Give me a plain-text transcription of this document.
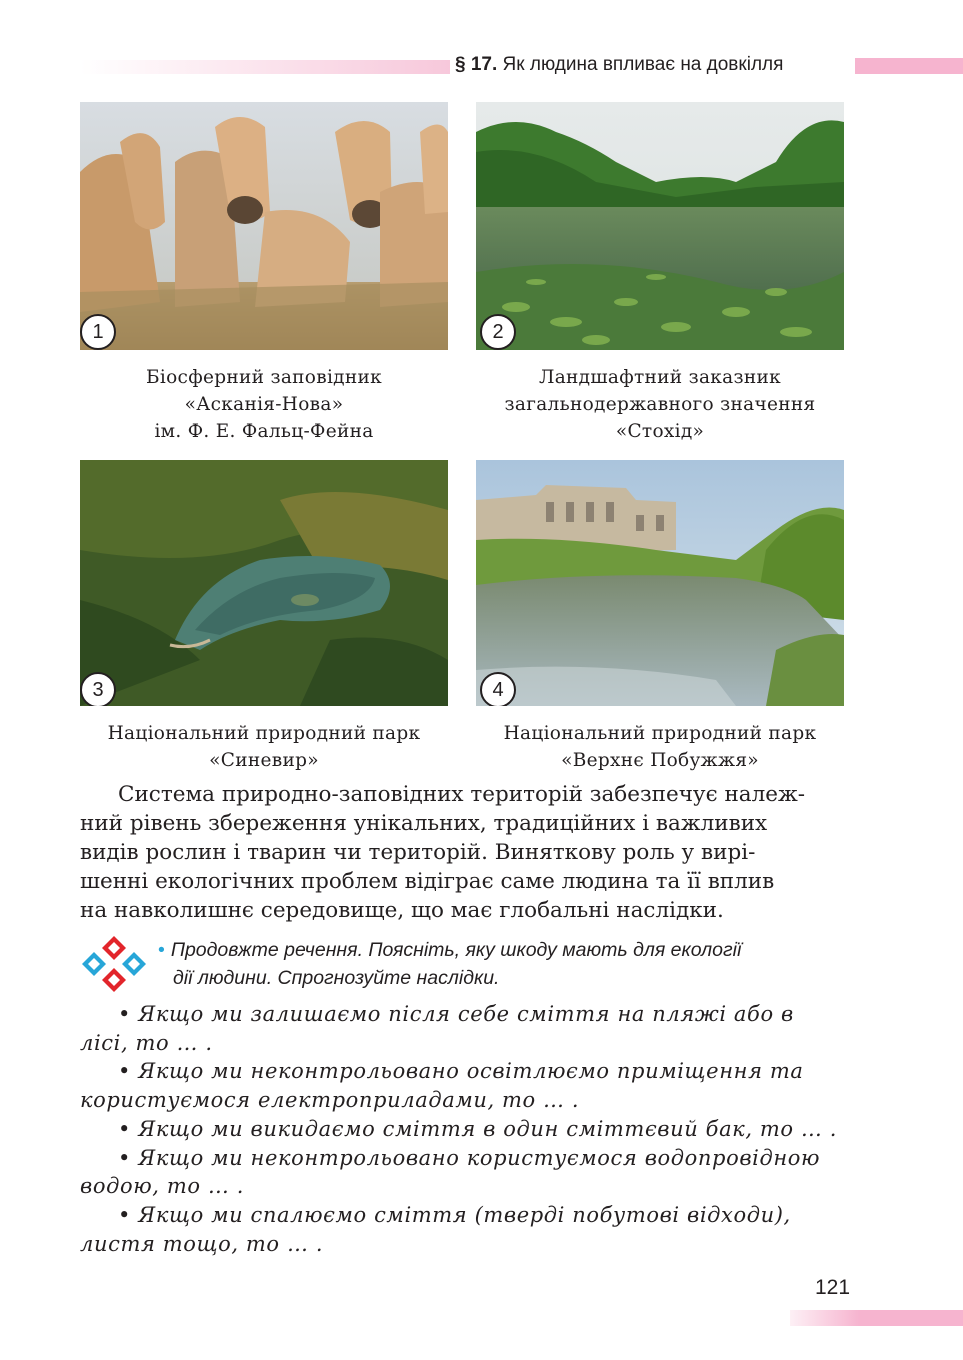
§ 17. Як людина впливає на довкілля
1
Біосферний заповідник
«Асканія-Нова»
ім. Ф. Е. Фальц-Фейна
2
Ландшафтний заказник
загальнодержавного значення
«Стохід»
3
Національний природний парк
«Синевир»
4
Національний природний парк
«Верхнє Побужжя»
Система природно-заповідних територій забезпечує належ-
ний рівень збереження унікальних, традиційних і важливих
видів рослин і тварин чи територій. Виняткову роль у вирі-
шенні екологічних проблем відіграє саме людина та її вплив
на навколишнє середовище, що має глобальні наслідки.
• Продовжте речення. Поясніть, яку шкоду мають для екології
дії людини. Спрогнозуйте наслідки.
• Якщо ми залишаємо після себе сміття на пляжі або в
лісі, то … .
• Якщо ми неконтрольовано освітлюємо приміщення та
користуємося електроприладами, то … .
• Якщо ми викидаємо сміття в один сміттєвий бак, то … .
• Якщо ми неконтрольовано користуємося водопровідною
водою, то … .
• Якщо ми спалюємо сміття (тверді побутові відходи),
листя тощо, то … .
121
